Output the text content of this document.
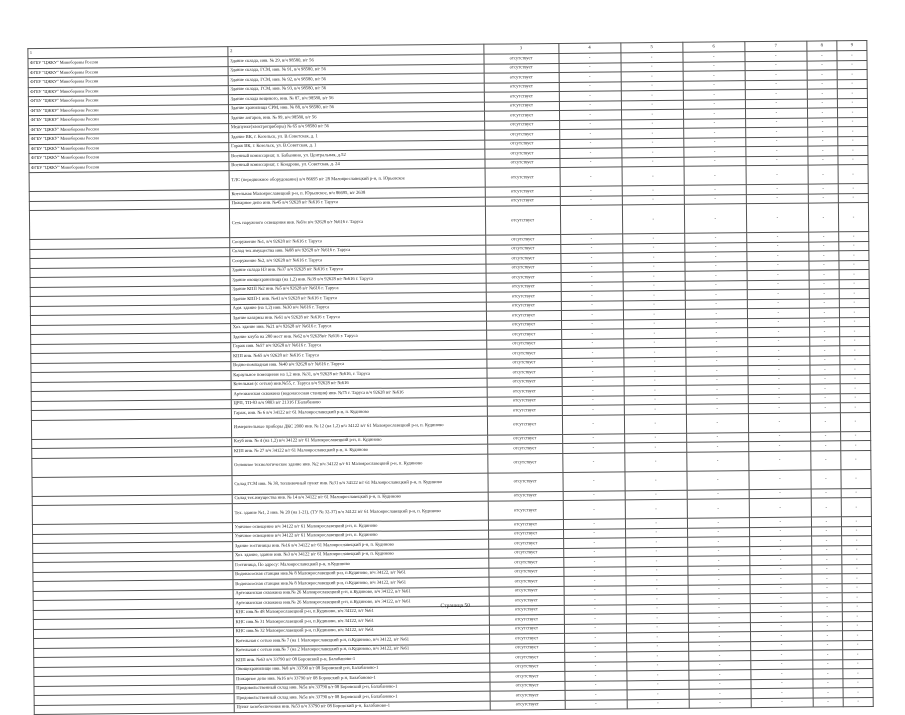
1	2	3	4	5	6	7	8	9
ФГБУ "ЦЖКУ" Минобороны России	Здание склада, инв. № 29, в/ч 98580, в/г 56	отсутствует	-	-	-	-	-	-
ФГБУ "ЦЖКУ" Минобороны России	Здание склада, ГСМ, инв. № 91, в/ч 98580, в/г 56	отсутствует	-	-	-	-	-	-
ФГБУ "ЦЖКУ" Минобороны России	Здание склада, ГСМ, инв. № 92, в/ч 98580, в/г 56	отсутствует	-	-	-	-	-	-
ФГБУ "ЦЖКУ" Минобороны России	Здание склада, ГСМ, инв. № 93, в/ч 98580, в/г 56	отсутствует	-	-	-	-	-	-
ФГБУ "ЦЖКУ" Минобороны России	Здание склада вещевого, инв. № 87, в/ч 98580, в/г 56	отсутствует	-	-	-	-	-	-
ФГБУ "ЦЖКУ" Минобороны России	Здание хранилища СРМ, инв. № 88, в/ч 98580, в/г 56	отсутствует	-	-	-	-	-	-
ФГБУ "ЦЖКУ" Минобороны России	Здание ангаров, инв. № 99, в/ч 98580, в/г 56	отсутствует	-	-	-	-	-	-
ФГБУ "ЦЖКУ" Минобороны России	Медпункт(электроприборы) № 65 в/ч 98580 в/г 56	отсутствует	-	-	-	-	-	-
ФГБУ "ЦЖКУ" Минобороны России	Здание ВК, г. Козельск, ул. В.Советская, д. 1	отсутствует	-	-	-	-	-	-
ФГБУ "ЦЖКУ" Минобороны России	Гараж ВК, г. Козельск, ул. В.Советская, д. 1	отсутствует	-	-	-	-	-	-
ФГБУ "ЦЖКУ" Минобороны России	Военный комиссариат, п. Бабынино, ул. Центральная, д.52	отсутствует	-	-	-	-	-	-
ФГБУ "ЦЖКУ" Минобороны России	Военный комиссариат, г. Кондрово, ул. Советская, д. 24	отсутствует	-	-	-	-	-	-
	ТЛС (передвижное оборудование) в/ч 86695 в/г 28 Малоярославецкий р-н, п. Юрьевское	отсутствует	-	-	-	-	-	-
	Котельная Малоярославецкий р-н, п. Юрьевское, в/ч 86695, в/г 2638	отсутствует	-	-	-	-	-	-
	Пожарное депо инв. №45 в/ч 92628 в/г №616 г. Таруса	отсутствует	-	-	-	-	-	-
	Сеть наружного освещения инв. №б/н в/ч 92628 в/г №616 г. Таруса	отсутствует	-	-	-	-	-	-
	Сооружение №1, в/ч 92628 в/г №616 г. Таруса	отсутствует	-	-	-	-	-	-
	Склад тех.имущества инв. №88 в/ч 92628 в/г №616 г. Таруса	отсутствует	-	-	-	-	-	-
	Сооружение №2, в/ч 92628 в/г №616 г. Таруса	отсутствует	-	-	-	-	-	-
	Здание склада НЗ инв. №37 в/ч 92628 в/г №616 г. Таруса	отсутствует	-	-	-	-	-	-
	Здание овощехранилища (на 1,2) инв. №39 в/ч 92628 в/г №616 г. Таруса	отсутствует	-	-	-	-	-	-
	Здание КПП №2 инв. №5 в/ч 92628 в/г №616 г. Таруса	отсутствует	-	-	-	-	-	-
	Здание КПП-1 инв. №41 в/ч 92628 в/г №616 г. Таруса	отсутствует	-	-	-	-	-	-
	Адм. здание (на 1,2) инв. №30 в/ч №616 г. Таруса	отсутствует	-	-	-	-	-	-
	Здание казармы инв. №61 в/ч 92628 в/г №616 г. Таруса	отсутствует	-	-	-	-	-	-
	Хоз. здание инв. №21 в/ч 92628 в/г №616 г. Таруса	отсутствует	-	-	-	-	-	-
	Здание клуба на 280 мест инв. №62 в/ч 92628в/г №616 г. Таруса	отсутствует	-	-	-	-	-	-
	Гараж инв. №57 в/ч 92628 в/г №616 г. Таруса	отсутствует	-	-	-	-	-	-
	КПП инв. №65 в/ч 92628 в/г №616 г. Таруса	отсутствует	-	-	-	-	-	-
	Водно-помпадная инв. №40 в/ч 92628 в/г №616 г. Таруса	отсутствует	-	-	-	-	-	-
	Караульное помещение на 1,2 инв. №31, в/ч 92628 в/г №616, г. Таруса	отсутствует	-	-	-	-	-	-
	Котельная (с сетью) инв.№55, г. Таруса в/ч 92628 в/г №616	отсутствует	-	-	-	-	-	-
	Артезианская скважина (водонасосная станция) инв. №75 г. Таруса в/ч 92628 в/г №616	отсутствует	-	-	-	-	-	-
	ЦРП, ТП-83 в/ч 9803 в/г 21316 Г.Балабаново	отсутствует	-	-	-	-	-	-
	Гараж, инв. № 6 в/ч 34122 в/г 61 Малоярославецкий р-н, п. Кудиново	отсутствует	-	-	-	-	-	-
	Измерительные приборы ДКС 2000 инв. № 12 (на 1,2) в/ч 34122 в/г 61 Малоярославецкий р-н, п. Кудиново	отсутствует	-	-	-	-	-	-
	Клуб инв. № 4 (на 1,2) в/ч 34122 в/г 61 Малоярославецкий р-н, п. Кудиново	отсутствует	-	-	-	-	-	-
	КПП инв. № 27 в/ч 34122 в/г 61 Малоярославецкий р-н, п. Кудиново	отсутствует	-	-	-	-	-	-
	Основное технологическое здание инв. №2 в/ч 34122 в/г 61 Малоярославецкий р-н, п. Кудиново	отсутствует	-	-	-	-	-	-
	Склад ГСМ инв. № 38, топливочный пункт инв. №31 в/ч 34122 в/г 61 Малоярославецкий р-н, п. Кудиново	отсутствует	-	-	-	-	-	-
	Склад тех.имущества инв. № 14 в/ч 34122 в/г 61 Малоярославецкий р-н, п. Кудиново	отсутствует	-	-	-	-	-	-
	Тех. здание №1, 2 инв. № 20 (на 1-21), (ТУ № 32-37) в/ч 34122 в/г 61 Малоярославецкий р-н, п. Кудиново	отсутствует	-	-	-	-	-	-
	Уличное освещение в/ч 34122 в/г 61 Малоярославецкий р-н, п. Кудиново	отсутствует	-	-	-	-	-	-
	Уличное освещение в/ч 34122 в/г 61 Малоярославецкий р-н, п. Кудиново	отсутствует	-	-	-	-	-	-
	Здание гостиницы инв. №16 в/ч 34122 в/г 61 Малоярославецкий р-н, п. Кудиново	отсутствует	-	-	-	-	-	-
	Хоз. здание, здание инв. №3 в/ч 34122 в/г 61 Малоярославецкий р-н, п. Кудиново	отсутствует	-	-	-	-	-	-
	Гостиница, По адресу: Малоярославецкий р-н, п.Кудиново	отсутствует	-	-	-	-	-	-
	Водонасосная станция инв.№ 8 Малоярославецкий р-н, п.Кудиново, в/ч 34122, в/г №61	отсутствует	-	-	-	-	-	-
	Водонасосная станция инв.№ 8 Малоярославецкий р-н, п.Кудиново, в/ч 34122, в/г №61	отсутствует	-	-	-	-	-	-
	Артезианская скважина инв.№ 26 Малоярославецкий р-н, п.Кудиново, в/ч 34122, в/г №61	отсутствует	-	-	-	-	-	-
	Артезианская скважина инв.№ 26 Малоярославецкий р-н, п.Кудиново, в/ч 34122, в/г №61	отсутствует	-	-	-	-	-	-
	КНС инв.№ 48 Малоярославецкий р-н, п.Кудиново, в/ч 34122, в/г №61	отсутствует	-	-	-	-	-	-
	КНС инв.№ 31 Малоярославецкий р-н, п.Кудиново, в/ч 34122, в/г №61	отсутствует	-	-	-	-	-	-
	КНС инв.№ 32 Малоярославецкий р-н, п.Кудиново, в/ч 34122, в/г №61	отсутствует	-	-	-	-	-	-
	Котельная с сетью инв.№ 7 (на 1 Малоярославецкий р-н, п.Кудиново, в/ч 34122, в/г №61	отсутствует	-	-	-	-	-	-
	Котельная с сетью инв.№ 7 (на 2 Малоярославецкий р-н, п.Кудиново, в/ч 34122, в/г №61	отсутствует	-	-	-	-	-	-
	КПП инв. №63 в/ч 33790 в/г 08 Боровский р-н, Балабаново-1	отсутствует	-	-	-	-	-	-
	Овощехранилище инв. №8 в/ч 33790 в/г 08 Боровский р-н, Балабаново-1	отсутствует	-	-	-	-	-	-
	Пожарное депо инв. №16 в/ч 33790 в/г 08 Боровский р-н, Балабаново-1	отсутствует	-	-	-	-	-	-
	Продовольственный склад инв. №5а в/ч 33790 в/г 08 Боровский р-н, Балабаново-1	отсутствует	-	-	-	-	-	-
	Продовольственный склад инв. №5а в/ч 33790 в/г 08 Боровский р-н, Балабаново-1	отсутствует	-	-	-	-	-	-
	Пункт хозобеспечения инв. №53 в/ч 33790 в/г 08 Боровский р-н, Балабаново-1	отсутствует	-	-	-	-	-	-
Страница 50
